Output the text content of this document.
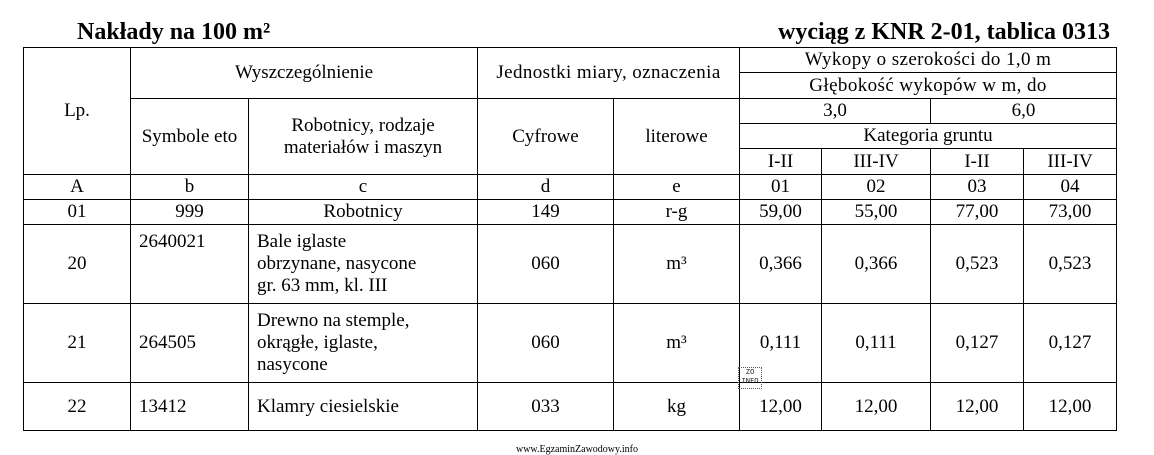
Nakłady na 100 m²	wyciąg z KNR 2-01, tablica 0313
Lp.	Wyszczególnienie		Jednostki miary, oznaczenia		Wykopy o szerokości do 1,0 m			
					Głębokość wykopów w m, do			
	Symbole eto	Robotnicy, rodzaje materiałów i maszyn	Cyfrowe	literowe	3,0		6,0	
					Kategoria gruntu			
					I-II	III-IV	I-II	III-IV
A	b	c	d	e	01	02	03	04
01	999	Robotnicy	149	r-g	59,00	55,00	77,00	73,00
20	2640021	Bale iglaste
obrzynane, nasycone
gr. 63 mm, kl. III	060	m³	0,366	0,366	0,523	0,523
21	264505	Drewno na stemple,
okrągłe, iglaste,
nasycone	060	m³	0,111	0,111	0,127	0,127
22	13412	Klamry ciesielskie	033	kg	12,00	12,00	12,00	12,00
ZO
INFO
www.EgzaminZawodowy.info
